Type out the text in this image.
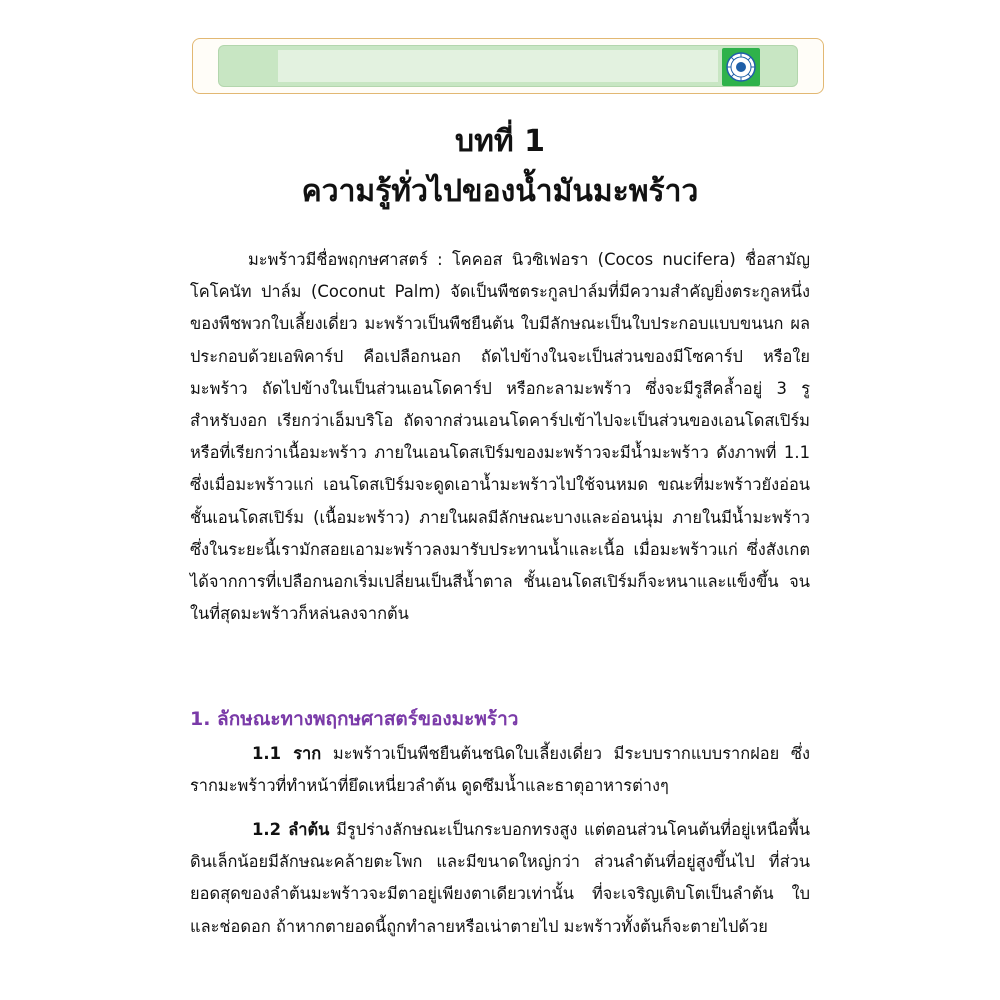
บทที่ 1
ความรู้ทั่วไปของน้ำมันมะพร้าว

มะพร้าวมีชื่อพฤกษศาสตร์ : โคคอส นิวซิเฟอรา (Cocos nucifera) ชื่อสามัญ โคโคนัท ปาล์ม (Coconut Palm) จัดเป็นพืชตระกูลปาล์มที่มีความสำคัญยิ่งตระกูลหนึ่งของพืชพวกใบเลี้ยงเดี่ยว มะพร้าวเป็นพืชยืนต้น ใบมีลักษณะเป็นใบประกอบแบบขนนก ผลประกอบด้วยเอพิคาร์ป คือเปลือกนอก ถัดไปข้างในจะเป็นส่วนของมีโซคาร์ป หรือใยมะพร้าว ถัดไปข้างในเป็นส่วนเอนโดคาร์ป หรือกะลามะพร้าว ซึ่งจะมีรูสีคล้ำอยู่ 3 รู สำหรับงอก เรียกว่าเอ็มบริโอ ถัดจากส่วนเอนโดคาร์ปเข้าไปจะเป็นส่วนของเอนโดสเปิร์ม หรือที่เรียกว่าเนื้อมะพร้าว ภายในเอนโดสเปิร์มของมะพร้าวจะมีน้ำมะพร้าว ดังภาพที่ 1.1 ซึ่งเมื่อมะพร้าวแก่ เอนโดสเปิร์มจะดูดเอาน้ำมะพร้าวไปใช้จนหมด ขณะที่มะพร้าวยังอ่อนชั้นเอนโดสเปิร์ม (เนื้อมะพร้าว) ภายในผลมีลักษณะบางและอ่อนนุ่ม ภายในมีน้ำมะพร้าว ซึ่งในระยะนี้เรามักสอยเอามะพร้าวลงมารับประทานน้ำและเนื้อ เมื่อมะพร้าวแก่ ซึ่งสังเกตได้จากการที่เปลือกนอกเริ่มเปลี่ยนเป็นสีน้ำตาล ชั้นเอนโดสเปิร์มก็จะหนาและแข็งขึ้น จนในที่สุดมะพร้าวก็หล่นลงจากต้น

1. ลักษณะทางพฤกษศาสตร์ของมะพร้าว

1.1 ราก มะพร้าวเป็นพืชยืนต้นชนิดใบเลี้ยงเดี่ยว มีระบบรากแบบรากฝอย ซึ่งรากมะพร้าวที่ทำหน้าที่ยึดเหนี่ยวลำต้น ดูดซึมน้ำและธาตุอาหารต่างๆ

1.2 ลำต้น มีรูปร่างลักษณะเป็นกระบอกทรงสูง แต่ตอนส่วนโคนต้นที่อยู่เหนือพื้นดินเล็กน้อยมีลักษณะคล้ายตะโพก และมีขนาดใหญ่กว่า ส่วนลำต้นที่อยู่สูงขึ้นไป ที่ส่วนยอดสุดของลำต้นมะพร้าวจะมีตาอยู่เพียงตาเดียวเท่านั้น ที่จะเจริญเติบโตเป็นลำต้น ใบ และช่อดอก ถ้าหากตายอดนี้ถูกทำลายหรือเน่าตายไป มะพร้าวทั้งต้นก็จะตายไปด้วย
